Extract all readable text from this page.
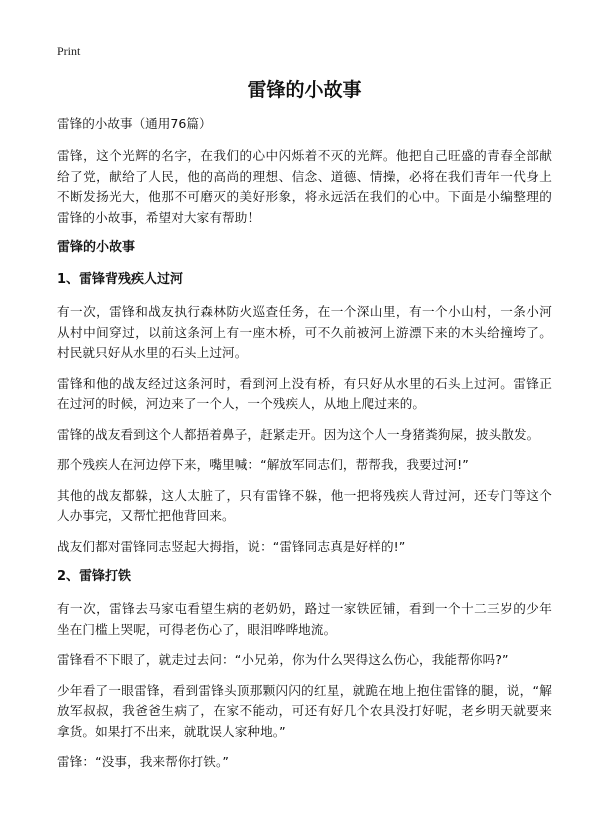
Print
雷锋的小故事
雷锋的小故事（通用76篇）

雷锋，这个光辉的名字，在我们的心中闪烁着不灭的光辉。他把自己旺盛的青春全部献给了党，献给了人民，他的高尚的理想、信念、道德、情操，必将在我们青年一代身上不断发扬光大，他那不可磨灭的美好形象，将永远活在我们的心中。下面是小编整理的雷锋的小故事，希望对大家有帮助！

雷锋的小故事
1、雷锋背残疾人过河

有一次，雷锋和战友执行森林防火巡查任务，在一个深山里，有一个小山村，一条小河从村中间穿过，以前这条河上有一座木桥，可不久前被河上游漂下来的木头给撞垮了。村民就只好从水里的石头上过河。

雷锋和他的战友经过这条河时，看到河上没有桥，有只好从水里的石头上过河。雷锋正在过河的时候，河边来了一个人，一个残疾人，从地上爬过来的。

雷锋的战友看到这个人都捂着鼻子，赶紧走开。因为这个人一身猪粪狗屎，披头散发。

那个残疾人在河边停下来，嘴里喊：“解放军同志们，帮帮我，我要过河!”

其他的战友都躲，这人太脏了，只有雷锋不躲，他一把将残疾人背过河，还专门等这个人办事完，又帮忙把他背回来。

战友们都对雷锋同志竖起大拇指，说：“雷锋同志真是好样的!”

2、雷锋打铁

有一次，雷锋去马家屯看望生病的老奶奶，路过一家铁匠铺，看到一个十二三岁的少年坐在门槛上哭呢，可得老伤心了，眼泪哗哗地流。

雷锋看不下眼了，就走过去问：“小兄弟，你为什么哭得这么伤心，我能帮你吗?”

少年看了一眼雷锋，看到雷锋头顶那颗闪闪的红星，就跪在地上抱住雷锋的腿，说，“解放军叔叔，我爸爸生病了，在家不能动，可还有好几个农具没打好呢，老乡明天就要来拿货。如果打不出来，就耽误人家种地。”

雷锋：“没事，我来帮你打铁。”
